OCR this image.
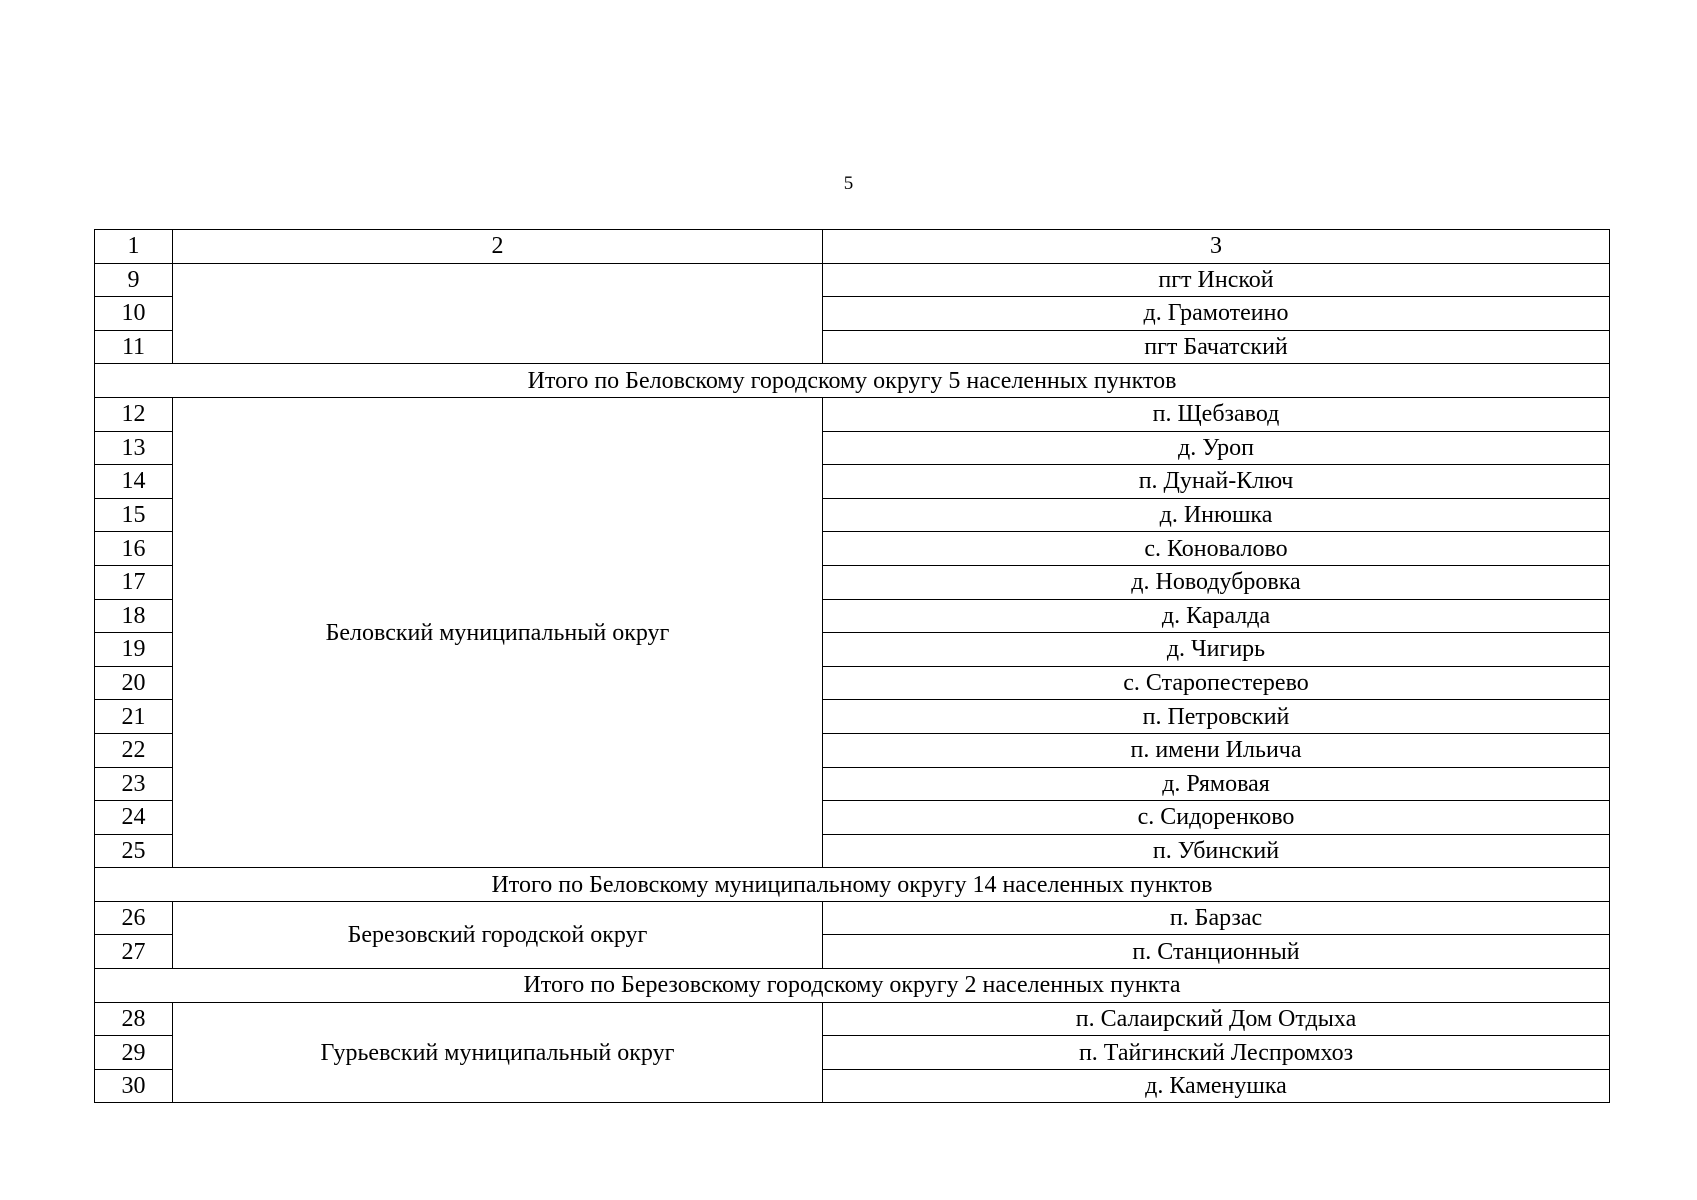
5
1	2	3
9		пгт Инской
10		д. Грамотеино
11		пгт Бачатский
Итого по Беловскому городскому округу 5 населенных пунктов		
12	Беловский муниципальный округ	п. Щебзавод
13		д. Уроп
14		п. Дунай-Ключ
15		д. Инюшка
16		с. Коновалово
17		д. Новодубровка
18		д. Каралда
19		д. Чигирь
20		с. Старопестерево
21		п. Петровский
22		п. имени Ильича
23		д. Рямовая
24		с. Сидоренково
25		п. Убинский
Итого по Беловскому муниципальному округу 14 населенных пунктов		
26	Березовский городской округ	п. Барзас
27		п. Станционный
Итого по Березовскому городскому округу 2 населенных пункта		
28	Гурьевский муниципальный округ	п. Салаирский Дом Отдыха
29		п. Тайгинский Леспромхоз
30		д. Каменушка
